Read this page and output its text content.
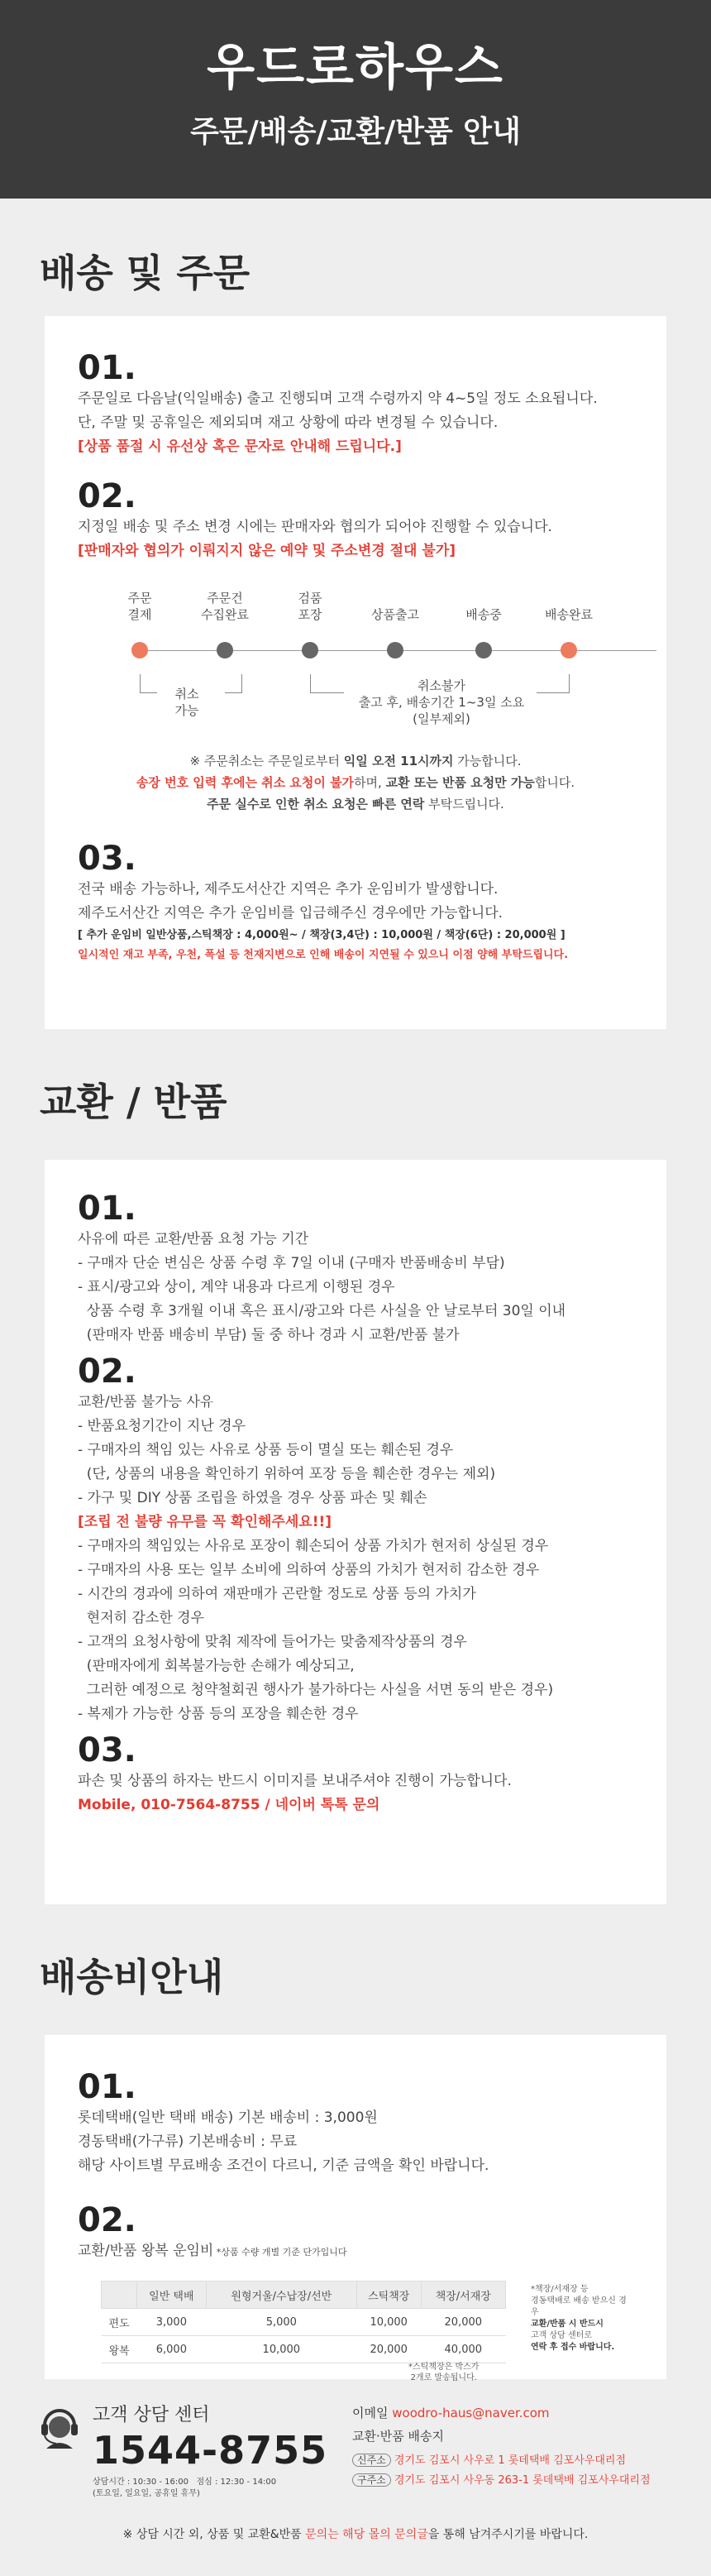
우드로하우스
주문/배송/교환/반품 안내
배송 및 주문

01.

주문일로 다음날(익일배송) 출고 진행되며 고객 수령까지 약 4~5일 정도 소요됩니다.

단, 주말 및 공휴일은 제외되며 재고 상황에 따라 변경될 수 있습니다.

[상품 품절 시 유선상 혹은 문자로 안내해 드립니다.]

02.

지정일 배송 및 주소 변경 시에는 판매자와 협의가 되어야 진행할 수 있습니다.

[판매자와 협의가 이뤄지지 않은 예약 및 주소변경 절대 불가]

주문
결제
주문건
수집완료
검품
포장	상품출고	배송중	배송완료
취소
가능
취소불가
출고 후, 배송기간 1~3일 소요
(일부제외)
※ 주문취소는 주문일로부터 익일 오전 11시까지 가능합니다.
송장 번호 입력 후에는 취소 요청이 불가하며, 교환 또는 반품 요청만 가능합니다.
주문 실수로 인한 취소 요청은 빠른 연락 부탁드립니다.

03.

전국 배송 가능하나, 제주도서산간 지역은 추가 운임비가 발생합니다.

제주도서산간 지역은 추가 운임비를 입금해주신 경우에만 가능합니다.

[ 추가 운임비 일반상품,스틱책장 : 4,000원~ / 책장(3,4단) : 10,000원 / 책장(6단) : 20,000원 ]

일시적인 재고 부족, 우천, 폭설 등 천재지변으로 인해 배송이 지연될 수 있으니 이점 양해 부탁드립니다.

교환 / 반품

01.

사유에 따른 교환/반품 요청 가능 기간

- 구매자 단순 변심은 상품 수령 후 7일 이내 (구매자 반품배송비 부담)

- 표시/광고와 상이, 계약 내용과 다르게 이행된 경우

상품 수령 후 3개월 이내 혹은 표시/광고와 다른 사실을 안 날로부터 30일 이내

(판매자 반품 배송비 부담) 둘 중 하나 경과 시 교환/반품 불가

02.

교환/반품 불가능 사유

- 반품요청기간이 지난 경우

- 구매자의 책임 있는 사유로 상품 등이 멸실 또는 훼손된 경우

(단, 상품의 내용을 확인하기 위하여 포장 등을 훼손한 경우는 제외)

- 가구 및 DIY 상품 조립을 하였을 경우 상품 파손 및 훼손

[조립 전 불량 유무를 꼭 확인해주세요!!]

- 구매자의 책임있는 사유로 포장이 훼손되어 상품 가치가 현저히 상실된 경우

- 구매자의 사용 또는 일부 소비에 의하여 상품의 가치가 현저히 감소한 경우

- 시간의 경과에 의하여 재판매가 곤란할 정도로 상품 등의 가치가

현저히 감소한 경우

- 고객의 요청사항에 맞춰 제작에 들어가는 맞춤제작상품의 경우

(판매자에게 회복불가능한 손해가 예상되고,

그러한 예정으로 청약철회권 행사가 불가하다는 사실을 서면 동의 받은 경우)

- 복제가 가능한 상품 등의 포장을 훼손한 경우

03.

파손 및 상품의 하자는 반드시 이미지를 보내주셔야 진행이 가능합니다.

Mobile, 010-7564-8755 / 네이버 톡톡 문의

배송비안내

01.

롯데택배(일반 택배 배송) 기본 배송비 : 3,000원

경동택배(가구류) 기본배송비 : 무료

해당 사이트별 무료배송 조건이 다르니, 기준 금액을 확인 바랍니다.

02.

교환/반품 왕복 운임비 *상품 수량 개별 기준 단가입니다

	일반 택배	원형거울/수납장/선반	스틱책장	책장/서재장
편도	3,000	5,000	10,000	20,000
왕복	6,000	10,000	20,000	40,000
*스틱책장은 박스가
2개로 발송됩니다.
*책장/서재장 등
경동택배로 배송 받으신 경우
교환/반품 시 반드시
고객 상담 센터로
연락 후 접수 바랍니다.
고객 상담 센터
1544-8755
상담시간 : 10:30 - 16:00   점심 : 12:30 - 14:00
(토요일, 일요일, 공휴일 휴무)
이메일 woodro-haus@naver.com
교환·반품 배송지
신주소 경기도 김포시 사우로 1 롯데택배 김포사우대리점
구주소 경기도 김포시 사우동 263-1 롯데택배 김포사우대리점
※ 상담 시간 외, 상품 및 교환&반품 문의는 해당 몰의 문의글을 통해 남겨주시기를 바랍니다.
